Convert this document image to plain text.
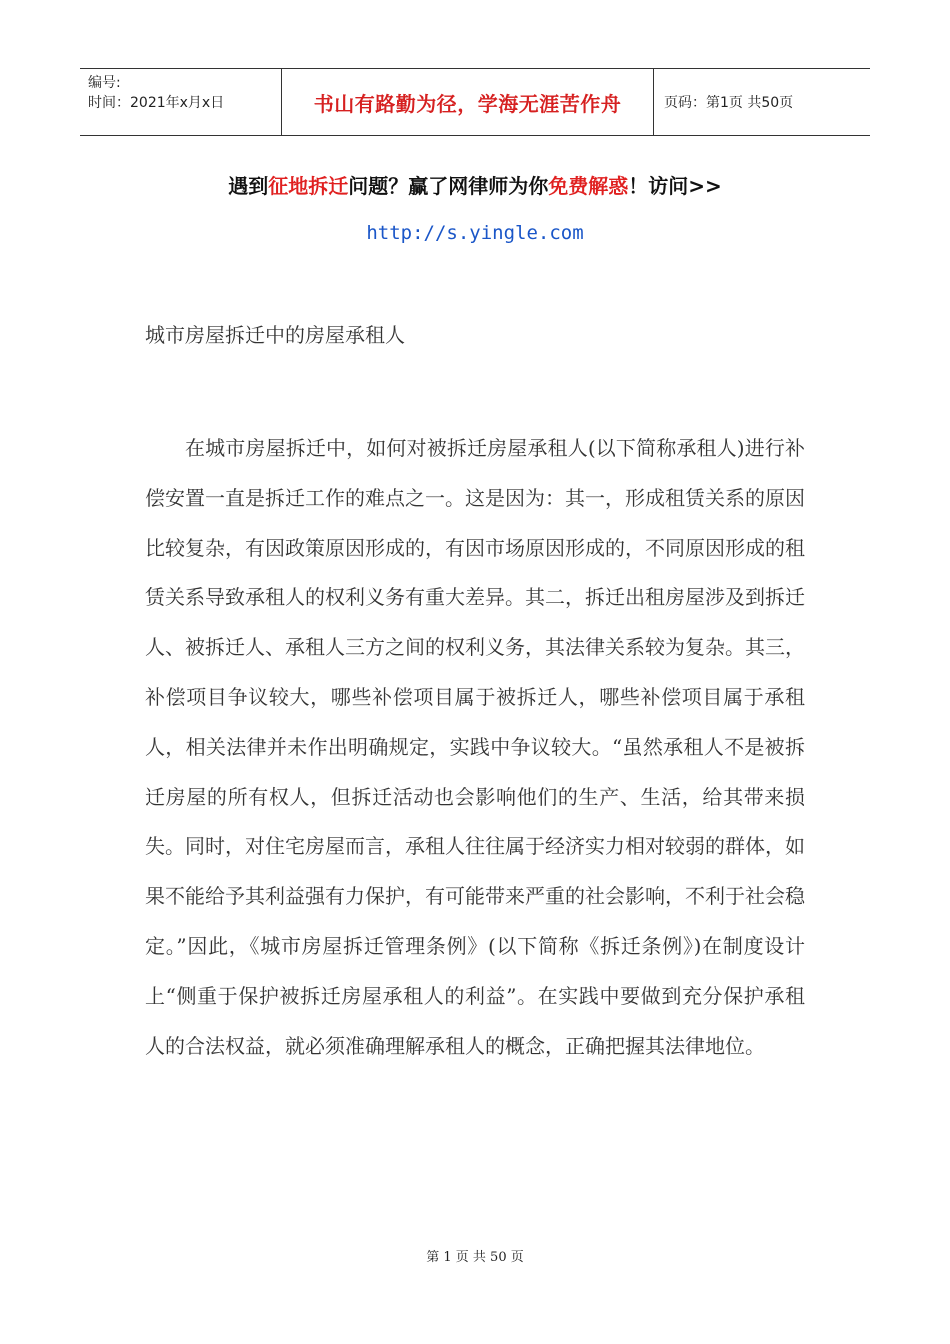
编号:
时间：2021年x月x日	书山有路勤为径，学海无涯苦作舟	页码：第1页 共50页
遇到征地拆迁问题？赢了网律师为你免费解惑！访问>>
http://s.yingle.com
城市房屋拆迁中的房屋承租人

在城市房屋拆迁中，如何对被拆迁房屋承租人(以下简称承租人)进行补偿安置一直是拆迁工作的难点之一。这是因为：其一，形成租赁关系的原因比较复杂，有因政策原因形成的，有因市场原因形成的，不同原因形成的租赁关系导致承租人的权利义务有重大差异。其二，拆迁出租房屋涉及到拆迁人、被拆迁人、承租人三方之间的权利义务，其法律关系较为复杂。其三，补偿项目争议较大，哪些补偿项目属于被拆迁人，哪些补偿项目属于承租人，相关法律并未作出明确规定，实践中争议较大。“虽然承租人不是被拆迁房屋的所有权人，但拆迁活动也会影响他们的生产、生活，给其带来损失。同时，对住宅房屋而言，承租人往往属于经济实力相对较弱的群体，如果不能给予其利益强有力保护，有可能带来严重的社会影响，不利于社会稳定。”因此，《城市房屋拆迁管理条例》(以下简称《拆迁条例》)在制度设计上“侧重于保护被拆迁房屋承租人的利益”。在实践中要做到充分保护承租人的合法权益，就必须准确理解承租人的概念，正确把握其法律地位。

第 1 页 共 50 页
